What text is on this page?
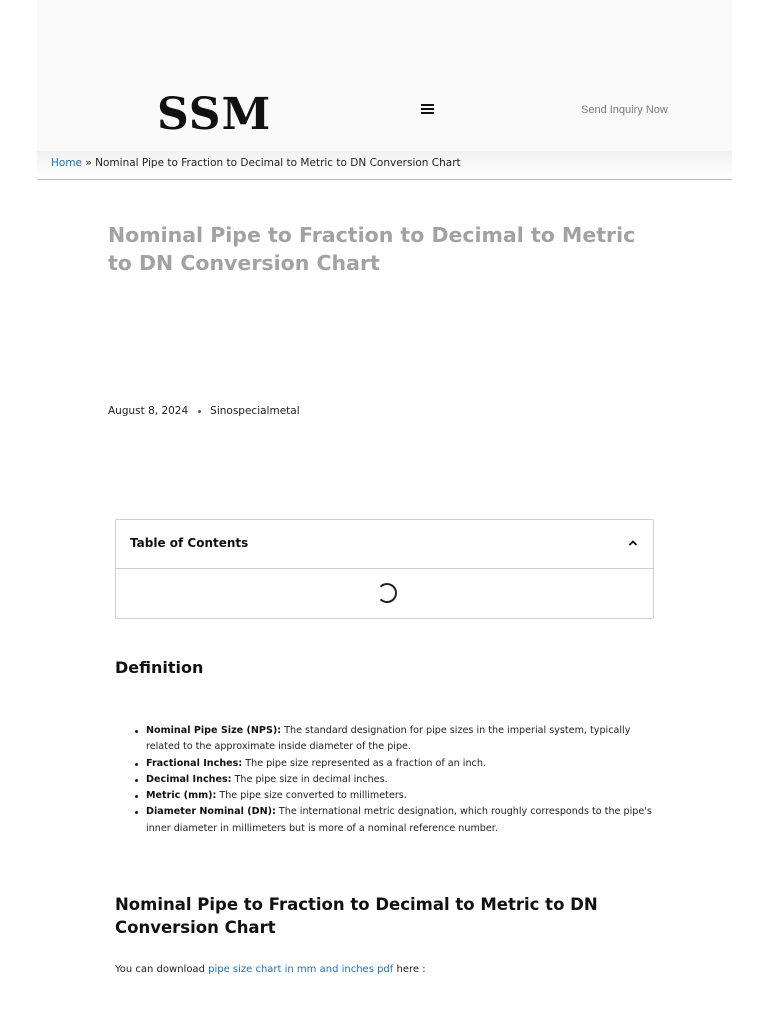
SSM	Send Inquiry Now
Home » Nominal Pipe to Fraction to Decimal to Metric to DN Conversion Chart
Nominal Pipe to Fraction to Decimal to Metric to DN Conversion Chart
August 8, 2024 Sinospecialmetal
Table of Contents
Definition
Nominal Pipe Size (NPS): The standard designation for pipe sizes in the imperial system, typically related to the approximate inside diameter of the pipe.
Fractional Inches: The pipe size represented as a fraction of an inch.
Decimal Inches: The pipe size in decimal inches.
Metric (mm): The pipe size converted to millimeters.
Diameter Nominal (DN): The international metric designation, which roughly corresponds to the pipe's inner diameter in millimeters but is more of a nominal reference number.
Nominal Pipe to Fraction to Decimal to Metric to DN Conversion Chart
You can download pipe size chart in mm and inches pdf here :
